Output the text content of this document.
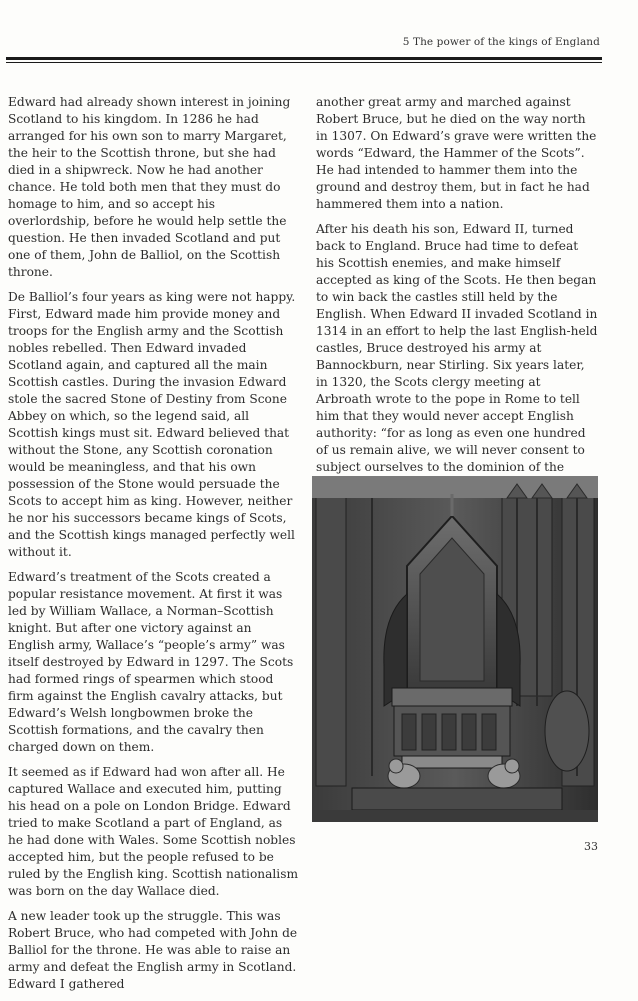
5 The power of the kings of England

Edward had already shown interest in joining Scotland to his kingdom. In 1286 he had arranged for his own son to marry Margaret, the heir to the Scottish throne, but she had died in a shipwreck. Now he had another chance. He told both men that they must do homage to him, and so accept his overlordship, before he would help settle the question. He then invaded Scotland and put one of them, John de Balliol, on the Scottish throne.

De Balliol’s four years as king were not happy. First, Edward made him provide money and troops for the English army and the Scottish nobles rebelled. Then Edward invaded Scotland again, and captured all the main Scottish castles. During the invasion Edward stole the sacred Stone of Destiny from Scone Abbey on which, so the legend said, all Scottish kings must sit. Edward believed that without the Stone, any Scottish coronation would be meaningless, and that his own possession of the Stone would persuade the Scots to accept him as king. However, neither he nor his successors became kings of Scots, and the Scottish kings managed perfectly well without it.

Edward’s treatment of the Scots created a popular resistance movement. At first it was led by William Wallace, a Norman–Scottish knight. But after one victory against an English army, Wallace’s “people’s army” was itself destroyed by Edward in 1297. The Scots had formed rings of spearmen which stood firm against the English cavalry attacks, but Edward’s Welsh longbowmen broke the Scottish formations, and the cavalry then charged down on them.

It seemed as if Edward had won after all. He captured Wallace and executed him, putting his head on a pole on London Bridge. Edward tried to make Scotland a part of England, as he had done with Wales. Some Scottish nobles accepted him, but the people refused to be ruled by the English king. Scottish nationalism was born on the day Wallace died.

A new leader took up the struggle. This was Robert Bruce, who had competed with John de Balliol for the throne. He was able to raise an army and defeat the English army in Scotland. Edward I gathered

another great army and marched against Robert Bruce, but he died on the way north in 1307. On Edward’s grave were written the words “Edward, the Hammer of the Scots”. He had intended to hammer them into the ground and destroy them, but in fact he had hammered them into a nation.

After his death his son, Edward II, turned back to England. Bruce had time to defeat his Scottish enemies, and make himself accepted as king of the Scots. He then began to win back the castles still held by the English. When Edward II invaded Scotland in 1314 in an effort to help the last English-held castles, Bruce destroyed his army at Bannockburn, near Stirling. Six years later, in 1320, the Scots clergy meeting at Arbroath wrote to the pope in Rome to tell him that they would never accept English authority: “for as long as even one hundred of us remain alive, we will never consent to subject ourselves to the dominion of the

33
